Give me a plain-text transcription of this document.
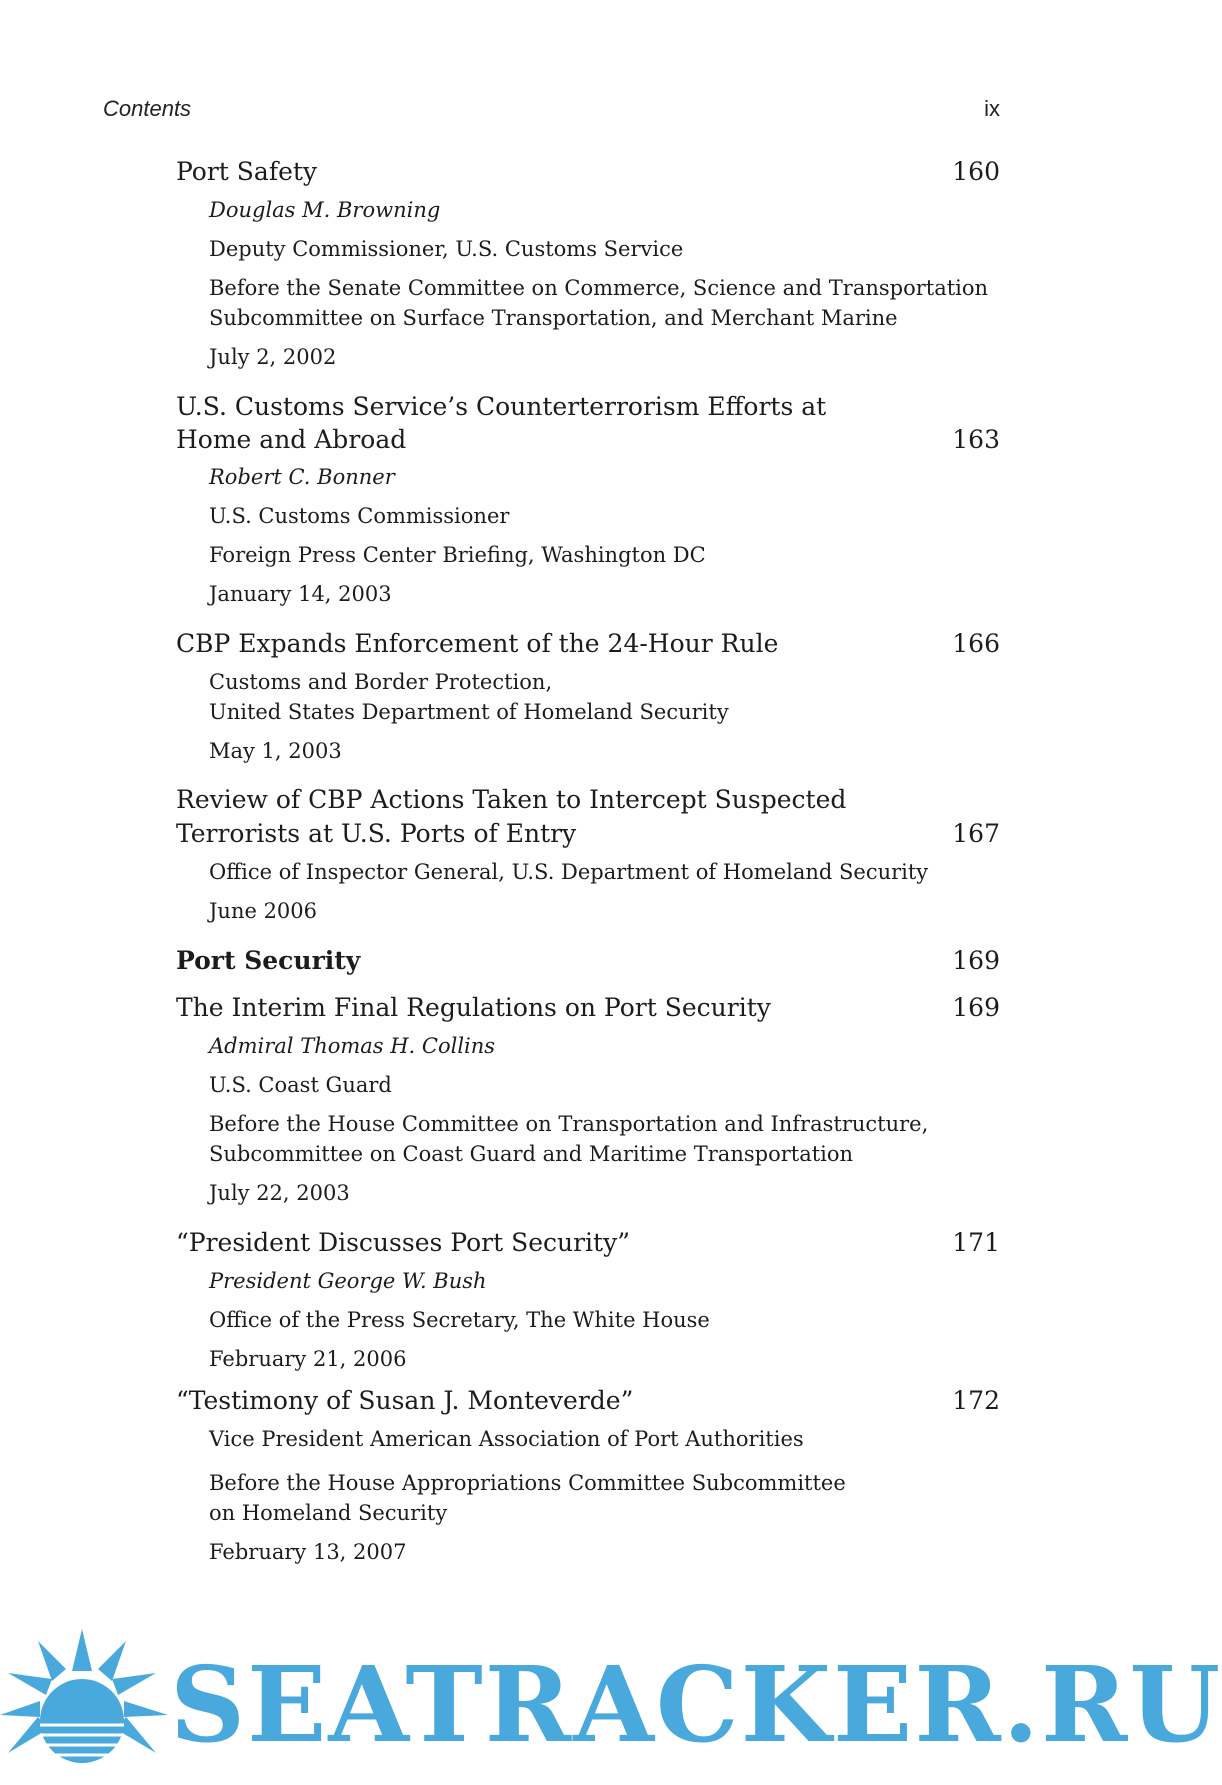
Contents	ix
Port Safety	160
Douglas M. Browning
Deputy Commissioner, U.S. Customs Service
Before the Senate Committee on Commerce, Science and Transportation
Subcommittee on Surface Transportation, and Merchant Marine
July 2, 2002
U.S. Customs Service’s Counterterrorism Efforts at
Home and Abroad	163
Robert C. Bonner
U.S. Customs Commissioner
Foreign Press Center Briefing, Washington DC
January 14, 2003
CBP Expands Enforcement of the 24-Hour Rule	166
Customs and Border Protection,
United States Department of Homeland Security
May 1, 2003
Review of CBP Actions Taken to Intercept Suspected
Terrorists at U.S. Ports of Entry	167
Office of Inspector General, U.S. Department of Homeland Security
June 2006
Port Security	169
The Interim Final Regulations on Port Security	169
Admiral Thomas H. Collins
U.S. Coast Guard
Before the House Committee on Transportation and Infrastructure,
Subcommittee on Coast Guard and Maritime Transportation
July 22, 2003
“President Discusses Port Security”	171
President George W. Bush
Office of the Press Secretary, The White House
February 21, 2006
“Testimony of Susan J. Monteverde”	172
Vice President American Association of Port Authorities
Before the House Appropriations Committee Subcommittee
on Homeland Security
February 13, 2007
SEATRACKER.RU
